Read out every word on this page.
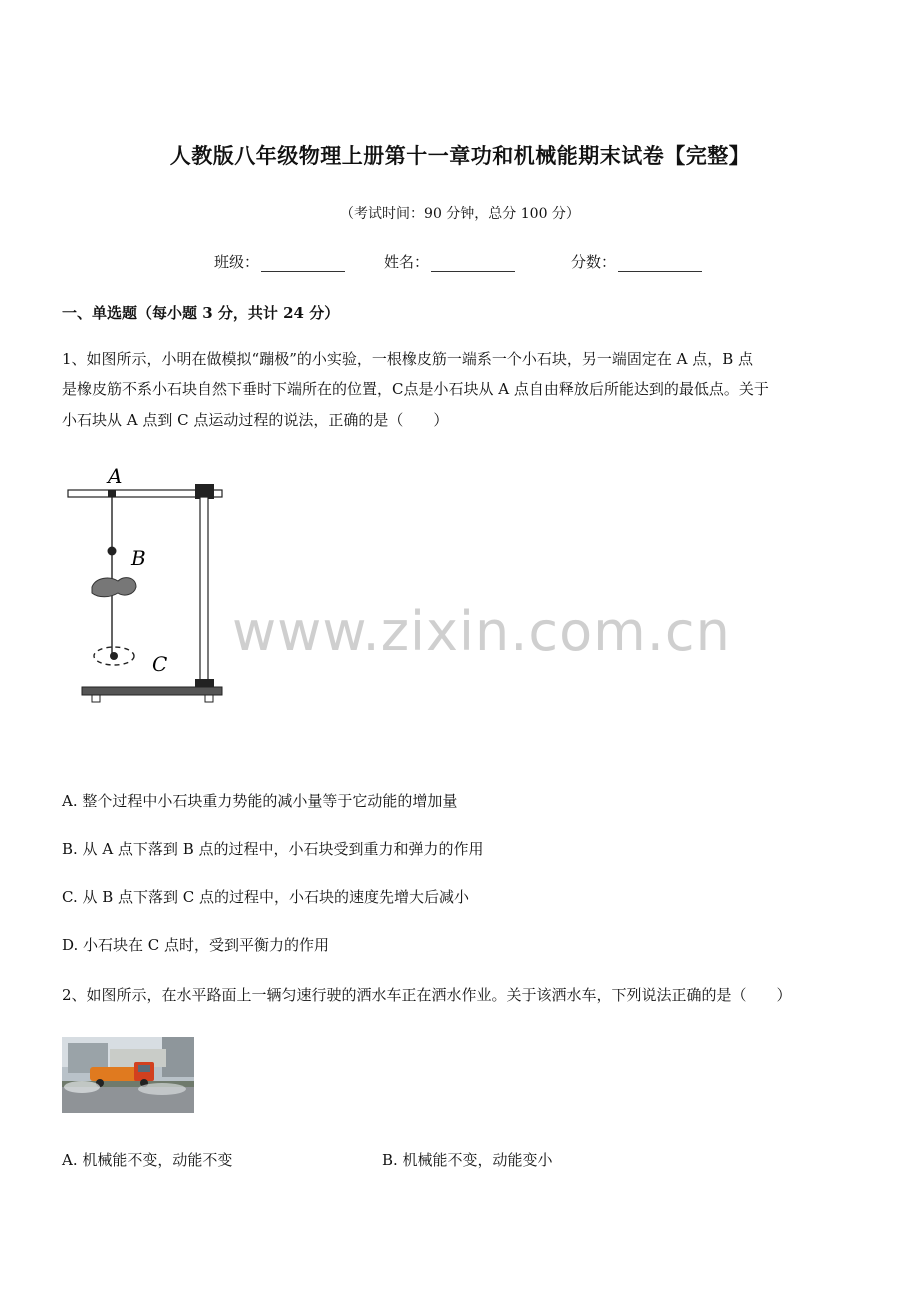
人教版八年级物理上册第十一章功和机械能期末试卷【完整】
（考试时间：90 分钟，总分 100 分）
班级：	姓名：	分数：
一、单选题（每小题 3 分，共计 24 分）
1、如图所示，小明在做模拟“蹦极”的小实验，一根橡皮筋一端系一个小石块，另一端固定在 A 点，B 点
是橡皮筋不系小石块自然下垂时下端所在的位置，C点是小石块从 A 点自由释放后所能达到的最低点。关于
小石块从 A 点到 C 点运动过程的说法，正确的是（　　）
A
B
C
www.zixin.com.cn
A. 整个过程中小石块重力势能的减小量等于它动能的增加量
B. 从 A 点下落到 B 点的过程中，小石块受到重力和弹力的作用
C. 从 B 点下落到 C 点的过程中，小石块的速度先增大后减小
D. 小石块在 C 点时，受到平衡力的作用
2、如图所示，在水平路面上一辆匀速行驶的洒水车正在洒水作业。关于该洒水车，下列说法正确的是（　　）
A. 机械能不变，动能不变	B. 机械能不变，动能变小
